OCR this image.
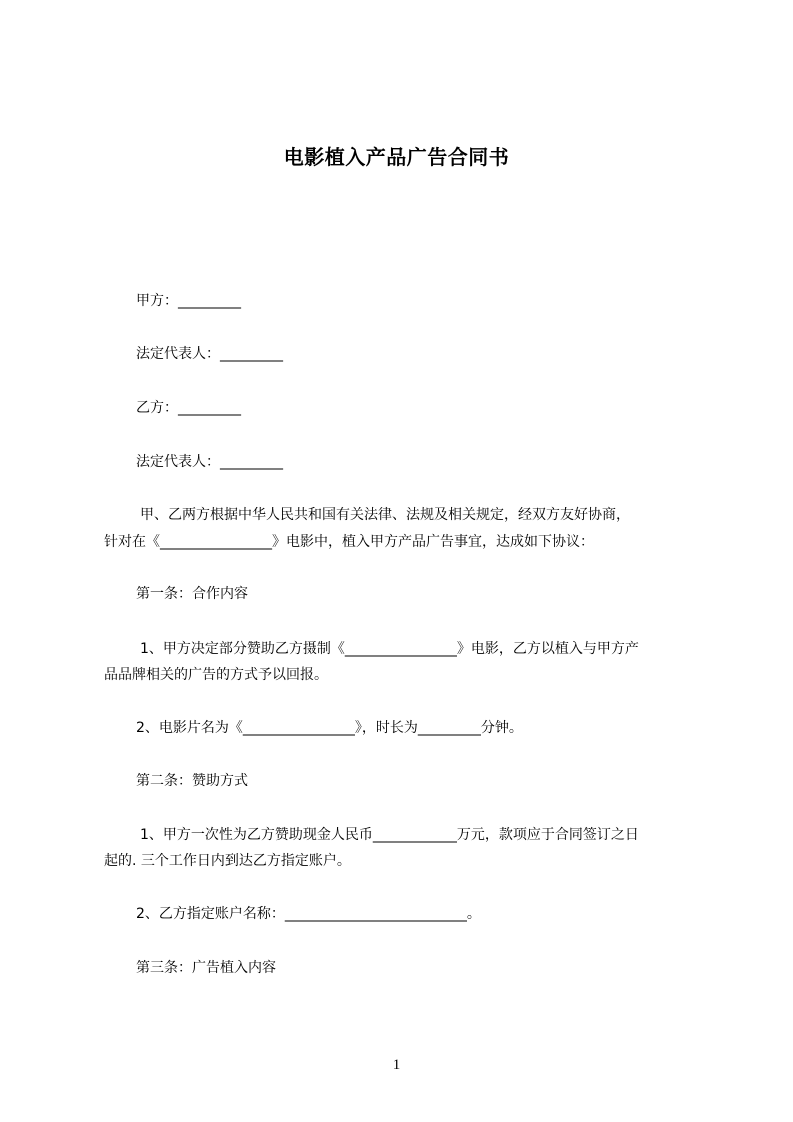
电影植入产品广告合同书
甲方：_________
法定代表人：_________
乙方：_________
法定代表人：_________
甲、乙两方根据中华人民共和国有关法律、法规及相关规定，经双方友好协商，
针对在《________________》电影中，植入甲方产品广告事宜，达成如下协议：
第一条：合作内容
1、甲方决定部分赞助乙方摄制《________________》电影，乙方以植入与甲方产
品品牌相关的广告的方式予以回报。
2、电影片名为《________________》，时长为_________分钟。
第二条：赞助方式
1、甲方一次性为乙方赞助现金人民币____________万元，款项应于合同签订之日
起的. 三个工作日内到达乙方指定账户。
2、乙方指定账户名称：__________________________。
第三条：广告植入内容
1
